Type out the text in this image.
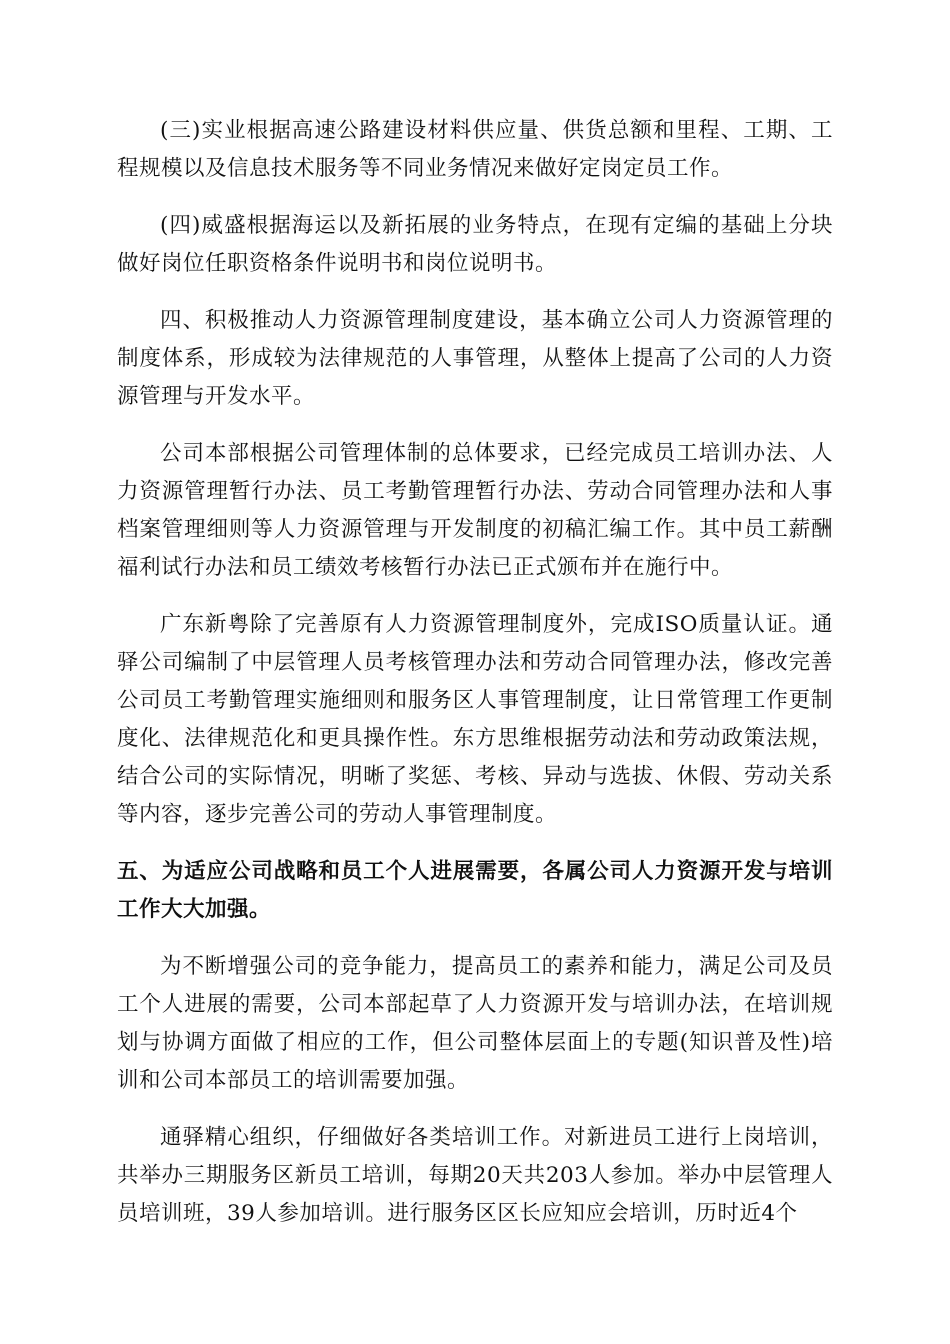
(三)实业根据高速公路建设材料供应量、供货总额和里程、工期、工程规模以及信息技术服务等不同业务情况来做好定岗定员工作。

(四)威盛根据海运以及新拓展的业务特点，在现有定编的基础上分块做好岗位任职资格条件说明书和岗位说明书。

四、积极推动人力资源管理制度建设，基本确立公司人力资源管理的制度体系，形成较为法律规范的人事管理，从整体上提高了公司的人力资源管理与开发水平。

公司本部根据公司管理体制的总体要求，已经完成员工培训办法、人力资源管理暂行办法、员工考勤管理暂行办法、劳动合同管理办法和人事档案管理细则等人力资源管理与开发制度的初稿汇编工作。其中员工薪酬福利试行办法和员工绩效考核暂行办法已正式颁布并在施行中。

广东新粤除了完善原有人力资源管理制度外，完成ISO质量认证。通驿公司编制了中层管理人员考核管理办法和劳动合同管理办法，修改完善公司员工考勤管理实施细则和服务区人事管理制度，让日常管理工作更制度化、法律规范化和更具操作性。东方思维根据劳动法和劳动政策法规，结合公司的实际情况，明晰了奖惩、考核、异动与选拔、休假、劳动关系等内容，逐步完善公司的劳动人事管理制度。

五、为适应公司战略和员工个人进展需要，各属公司人力资源开发与培训工作大大加强。

为不断增强公司的竞争能力，提高员工的素养和能力，满足公司及员工个人进展的需要，公司本部起草了人力资源开发与培训办法，在培训规划与协调方面做了相应的工作，但公司整体层面上的专题(知识普及性)培训和公司本部员工的培训需要加强。

通驿精心组织，仔细做好各类培训工作。对新进员工进行上岗培训，共举办三期服务区新员工培训，每期20天共203人参加。举办中层管理人员培训班，39人参加培训。进行服务区区长应知应会培训，历时近4个
